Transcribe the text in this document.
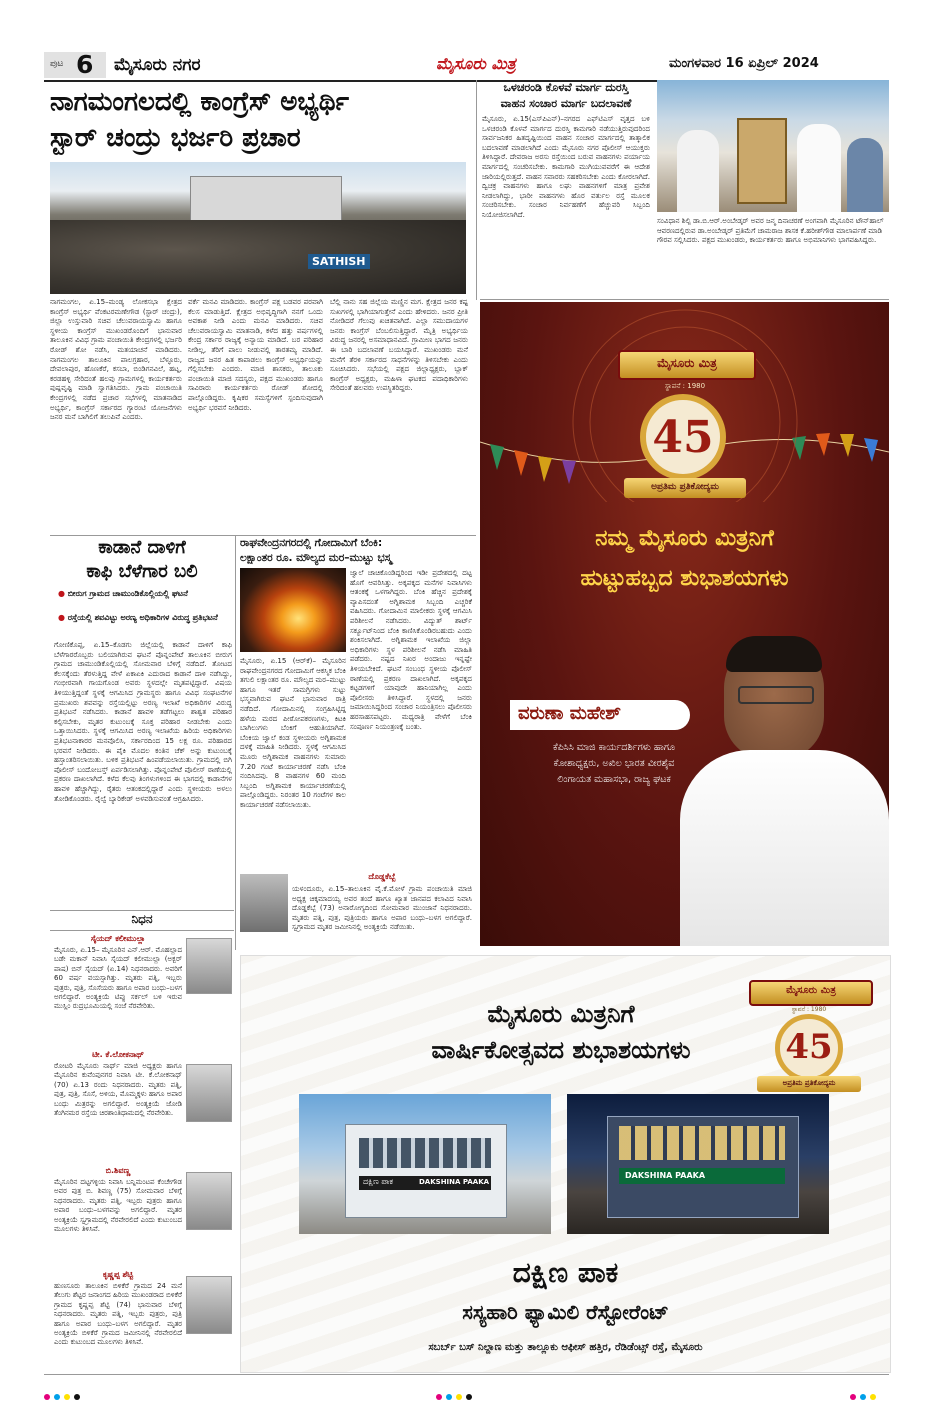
ಪುಟ 6 ಮೈಸೂರು ನಗರ	ಮೈಸೂರು ಮಿತ್ರ	ಮಂಗಳವಾರ 16 ಏಪ್ರಿಲ್ 2024
ನಾಗಮಂಗಲದಲ್ಲಿ ಕಾಂಗ್ರೆಸ್ ಅಭ್ಯರ್ಥಿ
ಸ್ಟಾರ್ ಚಂದ್ರು ಭರ್ಜರಿ ಪ್ರಚಾರ
SATHISH
ನಾಗಮಂಗಲ, ಏ.15–ಮಂಡ್ಯ ಲೋಕಸಭಾ ಕ್ಷೇತ್ರದ ಕಾಂಗ್ರೆಸ್ ಅಭ್ಯರ್ಥಿ ವೆಂಕಟರಮಣೇಗೌಡ (ಸ್ಟಾರ್ ಚಂದ್ರು), ಜಿಲ್ಲಾ ಉಸ್ತುವಾರಿ ಸಚಿವ ಚೆಲುವರಾಯಸ್ವಾಮಿ ಹಾಗೂ ಸ್ಥಳೀಯ ಕಾಂಗ್ರೆಸ್ ಮುಖಂಡರೊಂದಿಗೆ ಭಾನುವಾರ ತಾಲೂಕಿನ ವಿವಿಧ ಗ್ರಾಮ ಪಂಚಾಯಿತಿ ಕೇಂದ್ರಗಳಲ್ಲಿ ಭರ್ಜರಿ ರೋಡ್ ಶೋ ನಡೆಸಿ, ಮತಯಾಚನೆ ಮಾಡಿದರು. ನಾಗಮಂಗಲ ತಾಲೂಕಿನ ಪಾಲಗ್ರಹಾರ, ಬೆಳ್ಳೂರು, ದೇವಲಾಪುರ, ಹೊಣಕೆರೆ, ಕಸಬಾ, ಬಿಂಡಿಗನವಿಲೆ, ಹಟ್ನ, ಕರಡಹಳ್ಳಿ ಸೇರಿದಂತೆ ಹಲವು ಗ್ರಾಮಗಳಲ್ಲಿ ಕಾರ್ಯಕರ್ತರು ಪುಷ್ಪವೃಷ್ಟಿ ಮಾಡಿ ಸ್ವಾಗತಿಸಿದರು. ಗ್ರಾಮ ಪಂಚಾಯಿತಿ ಕೇಂದ್ರಗಳಲ್ಲಿ ನಡೆದ ಪ್ರಚಾರ ಸಭೆಗಳಲ್ಲಿ ಮಾತನಾಡಿದ ಅಭ್ಯರ್ಥಿ, ಕಾಂಗ್ರೆಸ್ ಸರ್ಕಾರದ ಗ್ಯಾರಂಟಿ ಯೋಜನೆಗಳು ಜನರ ಮನೆ ಬಾಗಿಲಿಗೆ ತಲುಪಿವೆ ಎಂದರು.
ವರ್ಕೆ ಮನವಿ ಮಾಡಿದರು. ಕಾಂಗ್ರೆಸ್ ಪಕ್ಷ ಬಡವರ ಪರವಾಗಿ ಕೆಲಸ ಮಾಡುತ್ತಿದೆ. ಕ್ಷೇತ್ರದ ಅಭಿವೃದ್ಧಿಗಾಗಿ ನನಗೆ ಒಂದು ಅವಕಾಶ ನೀಡಿ ಎಂದು ಮನವಿ ಮಾಡಿದರು. ಸಚಿವ ಚೆಲುವರಾಯಸ್ವಾಮಿ ಮಾತನಾಡಿ, ಕಳೆದ ಹತ್ತು ವರ್ಷಗಳಲ್ಲಿ ಕೇಂದ್ರ ಸರ್ಕಾರ ರಾಜ್ಯಕ್ಕೆ ಅನ್ಯಾಯ ಮಾಡಿದೆ. ಬರ ಪರಿಹಾರ ನೀಡಿಲ್ಲ, ತೆರಿಗೆ ಪಾಲು ನೀಡುವಲ್ಲಿ ತಾರತಮ್ಯ ಮಾಡಿದೆ. ರಾಜ್ಯದ ಜನರ ಹಿತ ಕಾಪಾಡಲು ಕಾಂಗ್ರೆಸ್ ಅಭ್ಯರ್ಥಿಯನ್ನು ಗೆಲ್ಲಿಸಬೇಕು ಎಂದರು. ಮಾಜಿ ಶಾಸಕರು, ತಾಲೂಕು ಪಂಚಾಯಿತಿ ಮಾಜಿ ಸದಸ್ಯರು, ಪಕ್ಷದ ಮುಖಂಡರು ಹಾಗೂ ಸಾವಿರಾರು ಕಾರ್ಯಕರ್ತರು ರೋಡ್ ಶೋದಲ್ಲಿ ಪಾಲ್ಗೊಂಡಿದ್ದರು. ಕೃಷಿಕರ ಸಮಸ್ಯೆಗಳಿಗೆ ಸ್ಪಂದಿಸುವುದಾಗಿ ಅಭ್ಯರ್ಥಿ ಭರವಸೆ ನೀಡಿದರು.
ಬೆಲ್ಲಿ ನಾನು ಸಹ ಜಿಲ್ಲೆಯ ಮಣ್ಣಿನ ಮಗ. ಕ್ಷೇತ್ರದ ಜನರ ಕಷ್ಟ ಸುಖಗಳಲ್ಲಿ ಭಾಗಿಯಾಗುತ್ತೇನೆ ಎಂದು ಹೇಳಿದರು. ಜನರ ಪ್ರೀತಿ ನೋಡಿದರೆ ಗೆಲುವು ಖಚಿತವಾಗಿದೆ. ಎಲ್ಲಾ ಸಮುದಾಯಗಳ ಜನರು ಕಾಂಗ್ರೆಸ್ ಬೆಂಬಲಿಸುತ್ತಿದ್ದಾರೆ. ಮೈತ್ರಿ ಅಭ್ಯರ್ಥಿಯ ವಿರುದ್ಧ ಜನರಲ್ಲಿ ಅಸಮಾಧಾನವಿದೆ. ಗ್ರಾಮೀಣ ಭಾಗದ ಜನರು ಈ ಬಾರಿ ಬದಲಾವಣೆ ಬಯಸಿದ್ದಾರೆ. ಮುಖಂಡರು ಮನೆ ಮನೆಗೆ ತೆರಳಿ ಸರ್ಕಾರದ ಸಾಧನೆಗಳನ್ನು ತಿಳಿಸಬೇಕು ಎಂದು ಸೂಚಿಸಿದರು. ಸಭೆಯಲ್ಲಿ ಪಕ್ಷದ ಜಿಲ್ಲಾಧ್ಯಕ್ಷರು, ಬ್ಲಾಕ್ ಕಾಂಗ್ರೆಸ್ ಅಧ್ಯಕ್ಷರು, ಮಹಿಳಾ ಘಟಕದ ಪದಾಧಿಕಾರಿಗಳು ಸೇರಿದಂತೆ ಹಲವರು ಉಪಸ್ಥಿತರಿದ್ದರು.
ಒಳಚರಂಡಿ ಕೊಳವೆ ಮಾರ್ಗ ದುರಸ್ತಿ
ವಾಹನ ಸಂಚಾರ ಮಾರ್ಗ ಬದಲಾವಣೆ
ಮೈಸೂರು, ಏ.15(ಎಸ್‌ಪಿಎನ್)–ನಗರದ ಎಫ್‌ಟಿಎಸ್ ವೃತ್ತದ ಬಳಿ ಒಳಚರಂಡಿ ಕೊಳವೆ ಮಾರ್ಗದ ದುರಸ್ತಿ ಕಾಮಗಾರಿ ನಡೆಯುತ್ತಿರುವುದರಿಂದ ಸಾರ್ವಜನಿಕರ ಹಿತದೃಷ್ಟಿಯಿಂದ ವಾಹನ ಸಂಚಾರ ಮಾರ್ಗದಲ್ಲಿ ತಾತ್ಕಾಲಿಕ ಬದಲಾವಣೆ ಮಾಡಲಾಗಿದೆ ಎಂದು ಮೈಸೂರು ನಗರ ಪೊಲೀಸ್ ಆಯುಕ್ತರು ತಿಳಿಸಿದ್ದಾರೆ. ದೇವರಾಜ ಅರಸು ರಸ್ತೆಯಿಂದ ಬರುವ ವಾಹನಗಳು ಪರ್ಯಾಯ ಮಾರ್ಗದಲ್ಲಿ ಸಂಚರಿಸಬೇಕು. ಕಾಮಗಾರಿ ಮುಗಿಯುವವರೆಗೆ ಈ ಆದೇಶ ಜಾರಿಯಲ್ಲಿರುತ್ತದೆ. ವಾಹನ ಸವಾರರು ಸಹಕರಿಸಬೇಕು ಎಂದು ಕೋರಲಾಗಿದೆ. ದ್ವಿಚಕ್ರ ವಾಹನಗಳು ಹಾಗೂ ಲಘು ವಾಹನಗಳಿಗೆ ಮಾತ್ರ ಪ್ರವೇಶ ನೀಡಲಾಗಿದ್ದು, ಭಾರೀ ವಾಹನಗಳು ಹೊರ ವರ್ತುಲ ರಸ್ತೆ ಮೂಲಕ ಸಂಚರಿಸಬೇಕು. ಸಂಚಾರ ನಿರ್ವಹಣೆಗೆ ಹೆಚ್ಚುವರಿ ಸಿಬ್ಬಂದಿ ನಿಯೋಜಿಸಲಾಗಿದೆ.
ಸಂವಿಧಾನ ಶಿಲ್ಪಿ ಡಾ.ಬಿ.ಆರ್.ಅಂಬೇಡ್ಕರ್ ಅವರ ಜನ್ಮ ದಿನಾಚರಣೆ ಅಂಗವಾಗಿ ಮೈಸೂರಿನ ಟೌನ್‌ಹಾಲ್ ಆವರಣದಲ್ಲಿರುವ ಡಾ.ಅಂಬೇಡ್ಕರ್ ಪ್ರತಿಮೆಗೆ ಚಾಮರಾಜ ಶಾಸಕ ಕೆ.ಹರೀಶ್‌ಗೌಡ ಮಾಲಾರ್ಪಣೆ ಮಾಡಿ ಗೌರವ ಸಲ್ಲಿಸಿದರು. ಪಕ್ಷದ ಮುಖಂಡರು, ಕಾರ್ಯಕರ್ತರು ಹಾಗೂ ಅಭಿಮಾನಿಗಳು ಭಾಗವಹಿಸಿದ್ದರು.
ಮೈಸೂರು ಮಿತ್ರ
ಸ್ಥಾಪನೆ : 1980
45
ಅಪ್ರತಿಮ ಪ್ರತಿಕೋದ್ಯಮ
ನಮ್ಮ ಮೈಸೂರು ಮಿತ್ರನಿಗೆ
ಹುಟ್ಟುಹಬ್ಬದ ಶುಭಾಶಯಗಳು
ವರುಣಾ ಮಹೇಶ್
ಕೆಪಿಸಿಸಿ ಮಾಜಿ ಕಾರ್ಯದರ್ಶಿಗಳು ಹಾಗೂ
ಕೋಶಾಧ್ಯಕ್ಷರು, ಅಖಿಲ ಭಾರತ ವೀರಶೈವ
ಲಿಂಗಾಯತ ಮಹಾಸಭಾ, ರಾಜ್ಯ ಘಟಕ
ಕಾಡಾನೆ ದಾಳಿಗೆ
ಕಾಫಿ ಬೆಳೆಗಾರ ಬಲಿ
● ಬೀರುಗ ಗ್ರಾಮದ ಚಾಮುಂಡಿಕೊಲ್ಲಿಯಲ್ಲಿ ಘಟನೆ
● ರಸ್ತೆಯಲ್ಲಿ ಶವವಿಟ್ಟು ಅರಣ್ಯ ಅಧಿಕಾರಿಗಳ ವಿರುದ್ಧ ಪ್ರತಿಭಟನೆ
ಗೋಣಿಕೊಪ್ಪ, ಏ.15–ಕೊಡಗು ಜಿಲ್ಲೆಯಲ್ಲಿ ಕಾಡಾನೆ ದಾಳಿಗೆ ಕಾಫಿ ಬೆಳೆಗಾರರೊಬ್ಬರು ಬಲಿಯಾಗಿರುವ ಘಟನೆ ಪೊನ್ನಂಪೇಟೆ ತಾಲೂಕಿನ ಬೀರುಗ ಗ್ರಾಮದ ಚಾಮುಂಡಿಕೊಲ್ಲಿಯಲ್ಲಿ ಸೋಮವಾರ ಬೆಳಿಗ್ಗೆ ನಡೆದಿದೆ. ತೋಟದ ಕೆಲಸಕ್ಕೆಂದು ತೆರಳುತ್ತಿದ್ದ ವೇಳೆ ಏಕಾಏಕಿ ಎದುರಾದ ಕಾಡಾನೆ ದಾಳಿ ನಡೆಸಿದ್ದು, ಗಂಭೀರವಾಗಿ ಗಾಯಗೊಂಡ ಅವರು ಸ್ಥಳದಲ್ಲೇ ಮೃತಪಟ್ಟಿದ್ದಾರೆ. ವಿಷಯ ತಿಳಿಯುತ್ತಿದ್ದಂತೆ ಸ್ಥಳಕ್ಕೆ ಆಗಮಿಸಿದ ಗ್ರಾಮಸ್ಥರು ಹಾಗೂ ವಿವಿಧ ಸಂಘಟನೆಗಳ ಪ್ರಮುಖರು ಶವವನ್ನು ರಸ್ತೆಯಲ್ಲಿಟ್ಟು ಅರಣ್ಯ ಇಲಾಖೆ ಅಧಿಕಾರಿಗಳ ವಿರುದ್ಧ ಪ್ರತಿಭಟನೆ ನಡೆಸಿದರು. ಕಾಡಾನೆ ಹಾವಳಿ ತಡೆಗಟ್ಟಲು ಶಾಶ್ವತ ಪರಿಹಾರ ಕಲ್ಪಿಸಬೇಕು, ಮೃತರ ಕುಟುಂಬಕ್ಕೆ ಸೂಕ್ತ ಪರಿಹಾರ ನೀಡಬೇಕು ಎಂದು ಒತ್ತಾಯಿಸಿದರು. ಸ್ಥಳಕ್ಕೆ ಆಗಮಿಸಿದ ಅರಣ್ಯ ಇಲಾಖೆಯ ಹಿರಿಯ ಅಧಿಕಾರಿಗಳು ಪ್ರತಿಭಟನಾಕಾರರ ಮನವೊಲಿಸಿ, ಸರ್ಕಾರದಿಂದ 15 ಲಕ್ಷ ರೂ. ಪರಿಹಾರದ ಭರವಸೆ ನೀಡಿದರು. ಈ ಪೈಕಿ ಮೊದಲ ಕಂತಿನ ಚೆಕ್ ಅನ್ನು ಕುಟುಂಬಕ್ಕೆ ಹಸ್ತಾಂತರಿಸಲಾಯಿತು. ಬಳಿಕ ಪ್ರತಿಭಟನೆ ಹಿಂಪಡೆಯಲಾಯಿತು. ಗ್ರಾಮದಲ್ಲಿ ಬಿಗಿ ಪೊಲೀಸ್ ಬಂದೋಬಸ್ತ್ ಏರ್ಪಡಿಸಲಾಗಿತ್ತು. ಪೊನ್ನಂಪೇಟೆ ಪೊಲೀಸ್ ಠಾಣೆಯಲ್ಲಿ ಪ್ರಕರಣ ದಾಖಲಾಗಿದೆ. ಕಳೆದ ಕೆಲವು ತಿಂಗಳುಗಳಿಂದ ಈ ಭಾಗದಲ್ಲಿ ಕಾಡಾನೆಗಳ ಹಾವಳಿ ಹೆಚ್ಚಾಗಿದ್ದು, ರೈತರು ಆತಂಕದಲ್ಲಿದ್ದಾರೆ ಎಂದು ಸ್ಥಳೀಯರು ಅಳಲು ತೋಡಿಕೊಂಡರು. ರೈಲ್ವೆ ಬ್ಯಾರಿಕೇಡ್ ಅಳವಡಿಸುವಂತೆ ಆಗ್ರಹಿಸಿದರು.
ರಾಘವೇಂದ್ರನಗರದಲ್ಲಿ ಗೋದಾಮಿಗೆ ಬೆಂಕಿ:
ಲಕ್ಷಾಂತರ ರೂ. ಮೌಲ್ಯದ ಮರ–ಮುಟ್ಟು ಭಸ್ಮ
ಮೈಸೂರು, ಏ.15 (ಆರ್‌ಕೆ)– ಮೈಸೂರಿನ ರಾಘವೇಂದ್ರನಗರದ ಗೋದಾಮಿಗೆ ಆಕಸ್ಮಿಕ ಬೆಂಕಿ ತಗುಲಿ ಲಕ್ಷಾಂತರ ರೂ. ಮೌಲ್ಯದ ಮರ–ಮುಟ್ಟು ಹಾಗೂ ಇತರೆ ಸಾಮಗ್ರಿಗಳು ಸುಟ್ಟು ಭಸ್ಮವಾಗಿರುವ ಘಟನೆ ಭಾನುವಾರ ರಾತ್ರಿ ನಡೆದಿದೆ. ಗೋದಾಮಿನಲ್ಲಿ ಸಂಗ್ರಹಿಸಿಟ್ಟಿದ್ದ ಹಳೆಯ ಮರದ ಪೀಠೋಪಕರಣಗಳು, ಕಿಟಕಿ ಬಾಗಿಲುಗಳು ಬೆಂಕಿಗೆ ಆಹುತಿಯಾಗಿವೆ. ಬೆಂಕಿಯ ಜ್ವಾಲೆ ಕಂಡ ಸ್ಥಳೀಯರು ಅಗ್ನಿಶಾಮಕ ದಳಕ್ಕೆ ಮಾಹಿತಿ ನೀಡಿದರು. ಸ್ಥಳಕ್ಕೆ ಆಗಮಿಸಿದ ಮೂರು ಅಗ್ನಿಶಾಮಕ ವಾಹನಗಳು ಸುಮಾರು 7.20 ಗಂಟೆ ಕಾರ್ಯಾಚರಣೆ ನಡೆಸಿ ಬೆಂಕಿ ನಂದಿಸಿದವು. 8 ವಾಹನಗಳ 60 ಮಂದಿ ಸಿಬ್ಬಂದಿ ಅಗ್ನಿಶಾಮಕ ಕಾರ್ಯಾಚರಣೆಯಲ್ಲಿ ಪಾಲ್ಗೊಂಡಿದ್ದರು. ನಿರಂತರ 10 ಗಂಟೆಗಳ ಕಾಲ ಕಾರ್ಯಾಚರಣೆ ನಡೆಸಲಾಯಿತು.
ಜ್ವಾಲೆ ಚಾಚಿಕೊಂಡಿದ್ದರಿಂದ ಇಡೀ ಪ್ರದೇಶದಲ್ಲಿ ದಟ್ಟ ಹೊಗೆ ಆವರಿಸಿತ್ತು. ಅಕ್ಕಪಕ್ಕದ ಮನೆಗಳ ನಿವಾಸಿಗಳು ಆತಂಕಕ್ಕೆ ಒಳಗಾಗಿದ್ದರು. ಬೆಂಕಿ ಹೆಚ್ಚಿನ ಪ್ರದೇಶಕ್ಕೆ ವ್ಯಾಪಿಸದಂತೆ ಅಗ್ನಿಶಾಮಕ ಸಿಬ್ಬಂದಿ ಎಚ್ಚರಿಕೆ ವಹಿಸಿದರು. ಗೋದಾಮಿನ ಮಾಲೀಕರು ಸ್ಥಳಕ್ಕೆ ಆಗಮಿಸಿ ಪರಿಶೀಲನೆ ನಡೆಸಿದರು. ವಿದ್ಯುತ್ ಶಾರ್ಟ್ ಸರ್ಕ್ಯೂಟ್‌ನಿಂದ ಬೆಂಕಿ ಕಾಣಿಸಿಕೊಂಡಿರಬಹುದು ಎಂದು ಶಂಕಿಸಲಾಗಿದೆ. ಅಗ್ನಿಶಾಮಕ ಇಲಾಖೆಯ ಜಿಲ್ಲಾ ಅಧಿಕಾರಿಗಳು ಸ್ಥಳ ಪರಿಶೀಲನೆ ನಡೆಸಿ ಮಾಹಿತಿ ಪಡೆದರು. ನಷ್ಟದ ನಿಖರ ಅಂದಾಜು ಇನ್ನಷ್ಟೇ ತಿಳಿಯಬೇಕಿದೆ. ಘಟನೆ ಸಂಬಂಧ ಸ್ಥಳೀಯ ಪೊಲೀಸ್ ಠಾಣೆಯಲ್ಲಿ ಪ್ರಕರಣ ದಾಖಲಾಗಿದೆ. ಅಕ್ಕಪಕ್ಕದ ಕಟ್ಟಡಗಳಿಗೆ ಯಾವುದೇ ಹಾನಿಯಾಗಿಲ್ಲ ಎಂದು ಪೊಲೀಸರು ತಿಳಿಸಿದ್ದಾರೆ. ಸ್ಥಳದಲ್ಲಿ ಜನರು ಜಮಾಯಿಸಿದ್ದರಿಂದ ಸಂಚಾರ ನಿಯಂತ್ರಿಸಲು ಪೊಲೀಸರು ಹರಸಾಹಸಪಟ್ಟರು. ಮಧ್ಯರಾತ್ರಿ ವೇಳೆಗೆ ಬೆಂಕಿ ಸಂಪೂರ್ಣ ನಿಯಂತ್ರಣಕ್ಕೆ ಬಂತು.
ದೊಡ್ಡಕೆಬ್ಬೆ
ಯಳಂದೂರು, ಏ.15–ತಾಲೂಕಿನ ವೈ.ಕೆ.ಮೋಳೆ ಗ್ರಾಮ ಪಂಚಾಯಿತಿ ಮಾಜಿ ಅಧ್ಯಕ್ಷ ಚಿಕ್ಕಮಾದಯ್ಯ ಅವರ ತಂದೆ ಹಾಗೂ ಖ್ಯಾತ ಜಾನಪದ ಕಲಾವಿದ ನಿವಾಸಿ ದೊಡ್ಡಕೆಬ್ಬೆ (73) ಅನಾರೋಗ್ಯದಿಂದ ಸೋಮವಾರ ಮುಂಜಾನೆ ನಿಧನರಾದರು. ಮೃತರು ಪತ್ನಿ, ಪುತ್ರ, ಪುತ್ರಿಯರು ಹಾಗೂ ಅಪಾರ ಬಂಧು–ಬಳಗ ಅಗಲಿದ್ದಾರೆ. ಸ್ವಗ್ರಾಮದ ಮೃತರ ಜಮೀನಿನಲ್ಲಿ ಅಂತ್ಯಕ್ರಿಯೆ ನಡೆಯಿತು.
ನಿಧನ
ಸೈಯದ್ ಕಲೀಮುಲ್ಲಾ
ಮೈಸೂರು, ಏ.15– ಮೈಸೂರಿನ ಎನ್.ಆರ್. ಮೊಹಲ್ಲಾದ ಬಡೇ ಮಕಾನ್ ನಿವಾಸಿ ಸೈಯದ್ ಕಲೀಮುಲ್ಲಾ (ಅಕ್ಬರ್ ಪಾಷ) ಬಿನ್ ಸೈಯದ್ (ಏ.14) ನಿಧನರಾದರು. ಅವರಿಗೆ 60 ವರ್ಷ ವಯಸ್ಸಾಗಿತ್ತು. ಮೃತರು ಪತ್ನಿ, ಇಬ್ಬರು ಪುತ್ರರು, ಪುತ್ರಿ, ಸೊಸೆಯರು ಹಾಗೂ ಅಪಾರ ಬಂಧು–ಬಳಗ ಅಗಲಿದ್ದಾರೆ. ಅಂತ್ಯಕ್ರಿಯೆ ಟಿಪ್ಪು ಸರ್ಕಲ್ ಬಳಿ ಇರುವ ಮುಸ್ಲಿಂ ರುದ್ರಭೂಮಿಯಲ್ಲಿ ಸಂಜೆ ನೆರವೇರಿತು.
ಟೀ. ಕೆ.ಲೋಕನಾಥ್
ರೋಟರಿ ಮೈಸೂರು ನಾರ್ಥ್ ಮಾಜಿ ಅಧ್ಯಕ್ಷರು ಹಾಗೂ ಮೈಸೂರಿನ ಕುವೆಂಪುನಗರ ನಿವಾಸಿ ಟೀ. ಕೆ.ಲೋಕನಾಥ್ (70) ಏ.13 ರಂದು ನಿಧನರಾದರು. ಮೃತರು ಪತ್ನಿ, ಪುತ್ರ, ಪುತ್ರಿ, ಸೊಸೆ, ಅಳಿಯ, ಮೊಮ್ಮಕ್ಕಳು ಹಾಗೂ ಅಪಾರ ಬಂಧು ಮಿತ್ರರನ್ನು ಅಗಲಿದ್ದಾರೆ. ಅಂತ್ಯಕ್ರಿಯೆ ಜೋಡಿ ತೆಂಗಿನಮರ ರಸ್ತೆಯ ಚಿರಶಾಂತಿಧಾಮದಲ್ಲಿ ನೆರವೇರಿತು.
ಬಿ.ಶಿವಣ್ಣ
ಮೈಸೂರಿನ ದಟ್ಟಗಳ್ಳಿಯ ನಿವಾಸಿ ಬನ್ನಿಮಂಟಪ ಕೆಂಚೇಗೌಡ ಅವರ ಪುತ್ರ ಬಿ. ಶಿವಣ್ಣ (75) ಸೋಮವಾರ ಬೆಳಿಗ್ಗೆ ನಿಧನರಾದರು. ಮೃತರು ಪತ್ನಿ, ಇಬ್ಬರು ಪುತ್ರರು ಹಾಗೂ ಅಪಾರ ಬಂಧು–ಬಳಗವನ್ನು ಅಗಲಿದ್ದಾರೆ. ಮೃತರ ಅಂತ್ಯಕ್ರಿಯೆ ಸ್ವಗ್ರಾಮದಲ್ಲಿ ನೆರವೇರಲಿದೆ ಎಂದು ಕುಟುಂಬದ ಮೂಲಗಳು ತಿಳಿಸಿವೆ.
ಕೃಷ್ಣಪ್ಪ ಶೆಟ್ಟಿ
ಹುಣಸೂರು ತಾಲೂಕಿನ ಬಿಳಿಕೆರೆ ಗ್ರಾಮದ 24 ಮನೆ ತೆಲುಗು ಶೆಟ್ಟರ ಜನಾಂಗದ ಹಿರಿಯ ಮುಖಂಡರಾದ ಬಿಳಿಕೆರೆ ಗ್ರಾಮದ ಕೃಷ್ಣಪ್ಪ ಶೆಟ್ಟಿ (74) ಭಾನುವಾರ ಬೆಳಿಗ್ಗೆ ನಿಧನರಾದರು. ಮೃತರು ಪತ್ನಿ, ಇಬ್ಬರು ಪುತ್ರರು, ಪುತ್ರಿ ಹಾಗೂ ಅಪಾರ ಬಂಧು–ಬಳಗ ಅಗಲಿದ್ದಾರೆ. ಮೃತರ ಅಂತ್ಯಕ್ರಿಯೆ ಬಿಳಿಕೆರೆ ಗ್ರಾಮದ ಜಮೀನಿನಲ್ಲಿ ನೆರವೇರಲಿದೆ ಎಂದು ಕುಟುಂಬದ ಮೂಲಗಳು ತಿಳಿಸಿವೆ.
ಮೈಸೂರು ಮಿತ್ರನಿಗೆ
ವಾರ್ಷಿಕೋತ್ಸವದ ಶುಭಾಶಯಗಳು
ಮೈಸೂರು ಮಿತ್ರ
ಸ್ಥಾಪನೆ : 1980
45
ಅಪ್ರತಿಮ ಪ್ರತಿಕೋದ್ಯಮ
ದಕ್ಷಿಣ ಪಾಕ	DAKSHINA PAAKA
DAKSHINA PAAKA
ದಕ್ಷಿಣ ಪಾಕ
ಸಸ್ಯಹಾರಿ ಫ್ಯಾಮಿಲಿ ರೆಸ್ಟೋರೆಂಟ್
ಸಬರ್ಬ್ ಬಸ್ ನಿಲ್ದಾಣ ಮತ್ತು ತಾಲ್ಲೂಕು ಆಫೀಸ್ ಹತ್ತಿರ, ರೆಡಿಡೆಂಟ್ಸ್ ರಸ್ತೆ, ಮೈಸೂರು
